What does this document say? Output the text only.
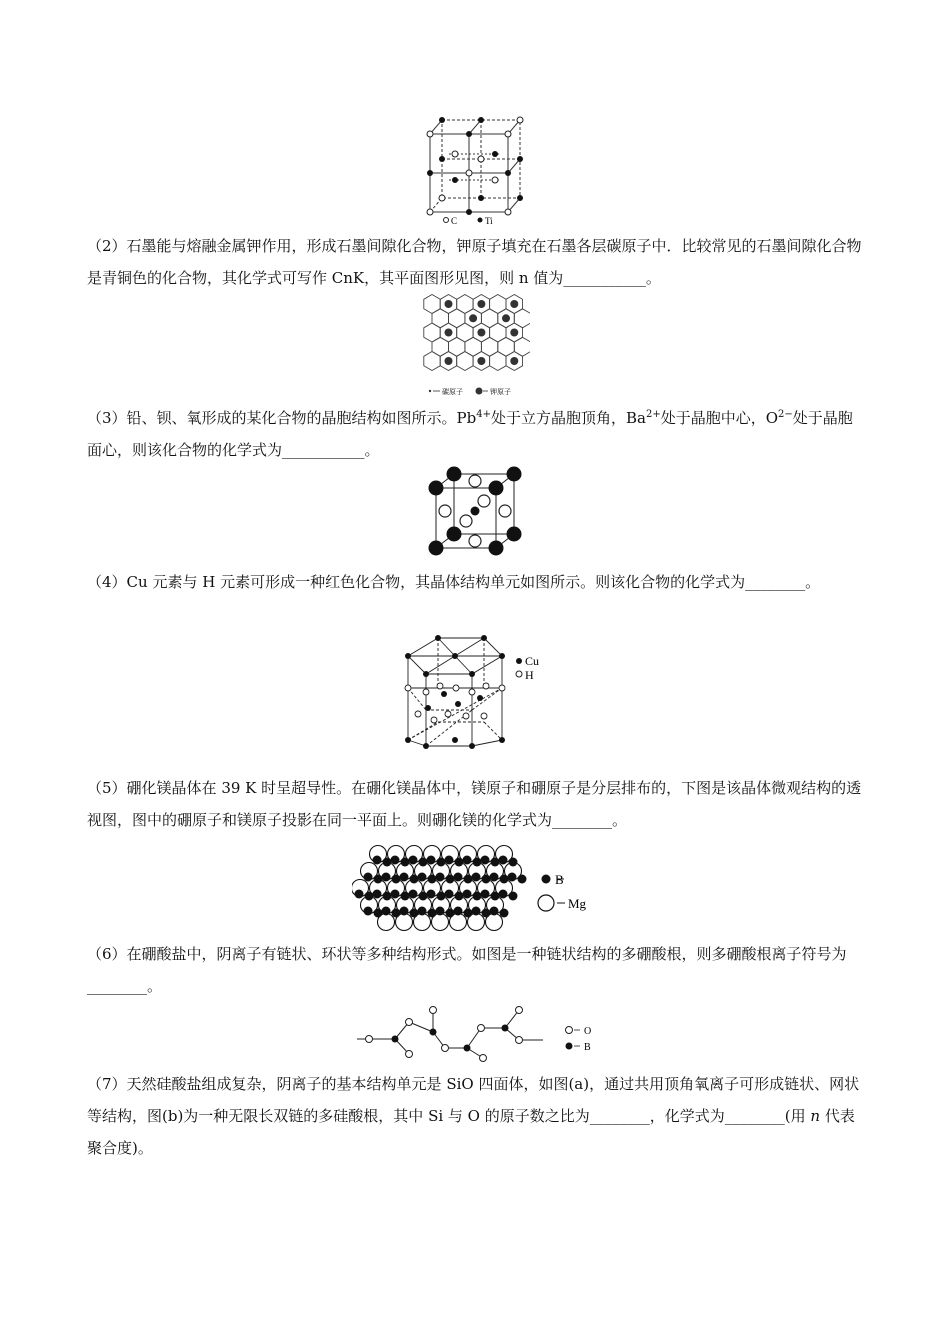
C	Ti

（2）石墨能与熔融金属钾作用，形成石墨间隙化合物，钾原子填充在石墨各层碳原子中．比较常见的石墨间隙化合物是青铜色的化合物，其化学式可写作 CnK，其平面图形见图，则 n 值为___________。

碳原子	钾原子

（3）铅、钡、氧形成的某化合物的晶胞结构如图所示。$Pb^{4+}$处于立方晶胞顶角，$Ba^{2+}$处于晶胞中心，$O^{2-}$处于晶胞面心，则该化合物的化学式为___________。

（4）Cu 元素与 H 元素可形成一种红色化合物，其晶体结构单元如图所示。则该化合物的化学式为________。

Cu
H

（5）硼化镁晶体在 39 K 时呈超导性。在硼化镁晶体中，镁原子和硼原子是分层排布的，下图是该晶体微观结构的透视图，图中的硼原子和镁原子投影在同一平面上。则硼化镁的化学式为________。

B
Mg

（6）在硼酸盐中，阴离子有链状、环状等多种结构形式。如图是一种链状结构的多硼酸根，则多硼酸根离子符号为________。

O
B

（7）天然硅酸盐组成复杂，阴离子的基本结构单元是 SiO 四面体，如图(a)，通过共用顶角氧离子可形成链状、网状等结构，图(b)为一种无限长双链的多硅酸根，其中 Si 与 O 的原子数之比为________，化学式为________(用 n 代表聚合度)。
